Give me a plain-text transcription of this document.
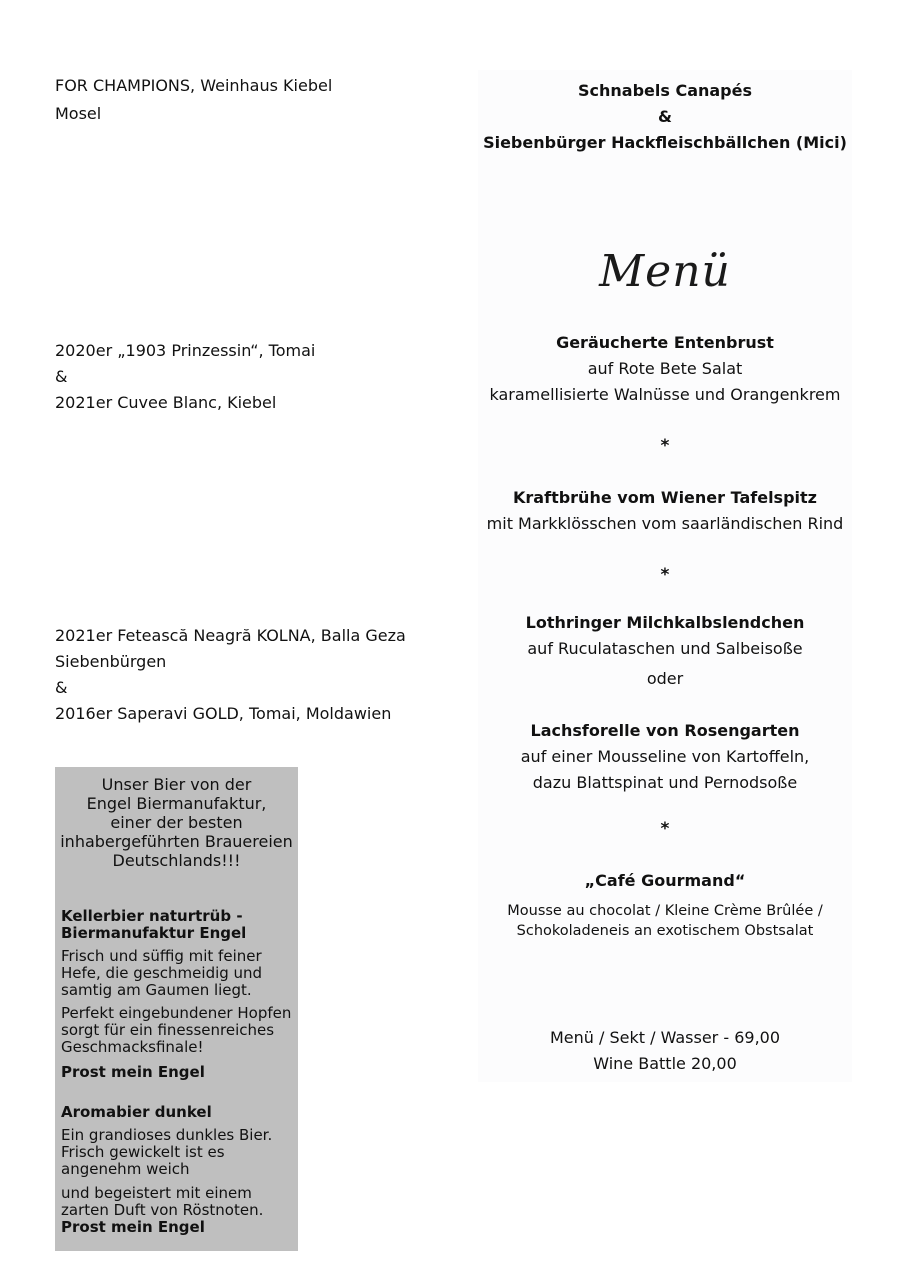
FOR CHAMPIONS, Weinhaus Kiebel
Mosel
2020er „1903 Prinzessin“, Tomai
&
2021er Cuvee Blanc, Kiebel
2021er Fetească Neagră KOLNA, Balla Geza
Siebenbürgen
&
2016er Saperavi GOLD, Tomai, Moldawien
Unser Bier von der
Engel Biermanufaktur,
einer der besten
inhabergeführten Brauereien
Deutschlands!!!
Kellerbier naturtrüb -
Biermanufaktur Engel
Frisch und süffig mit feiner
Hefe, die geschmeidig und
samtig am Gaumen liegt.
Perfekt eingebundener Hopfen
sorgt für ein finessenreiches
Geschmacksfinale!
Prost mein Engel
Aromabier dunkel
Ein grandioses dunkles Bier.
Frisch gewickelt ist es
angenehm weich
und begeistert mit einem
zarten Duft von Röstnoten.
Prost mein Engel
Schnabels Canapés
&
Siebenbürger Hackfleischbällchen (Mici)
Menü
Geräucherte Entenbrust
auf Rote Bete Salat
karamellisierte Walnüsse und Orangenkrem
*
Kraftbrühe vom Wiener Tafelspitz
mit Markklösschen vom saarländischen Rind
*
Lothringer Milchkalbslendchen
auf Ruculataschen und Salbeisoße
oder
Lachsforelle von Rosengarten
auf einer Mousseline von Kartoffeln,
dazu Blattspinat und Pernodsoße
*
„Café Gourmand“
Mousse au chocolat / Kleine Crème Brûlée /
Schokoladeneis an exotischem Obstsalat
Menü / Sekt / Wasser - 69,00
Wine Battle 20,00
